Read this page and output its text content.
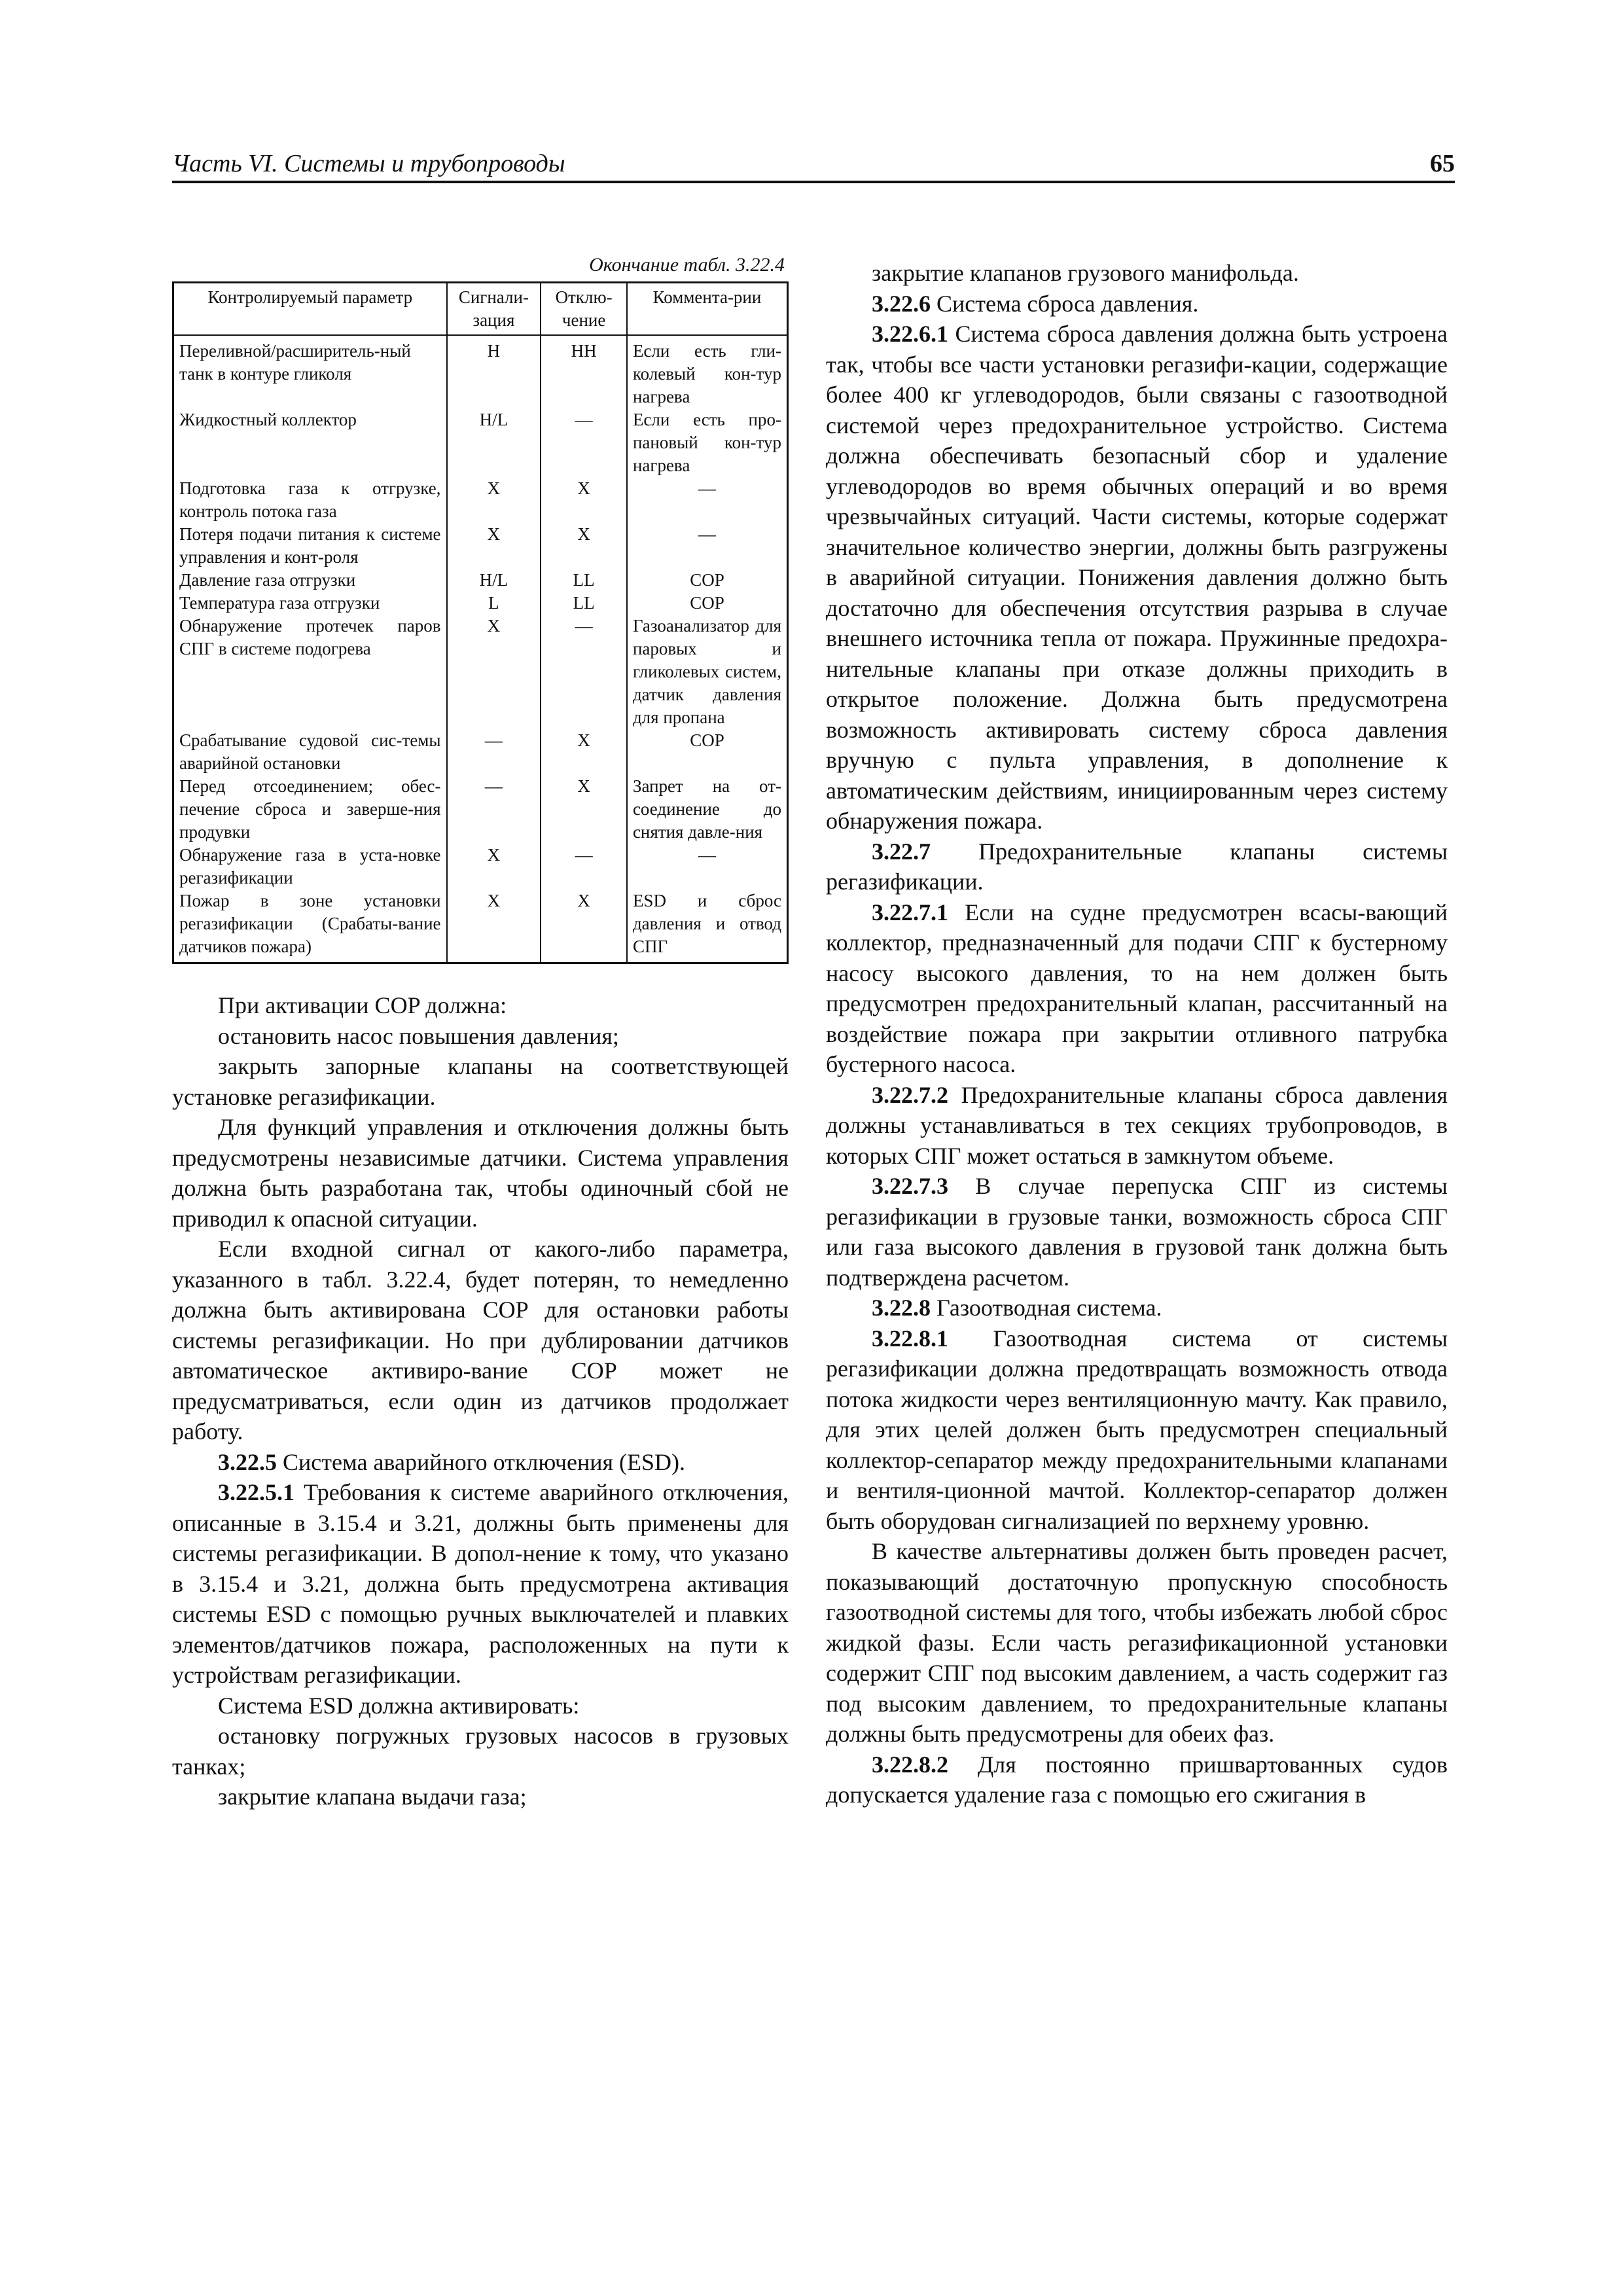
Часть VI. Системы и трубопроводы	65
Окончание табл. 3.22.4
Контролируемый параметр	Сигнали-зация	Отклю-чение	Коммента-рии
Переливной/расширитель-ный танк в контуре гликоля	H	HH	Если есть гли-колевый кон-тур нагрева
Жидкостный коллектор	H/L	—	Если есть про-пановый кон-тур нагрева
Подготовка газа к отгрузке, контроль потока газа	X	X	—
Потеря подачи питания к системе управления и конт-роля	X	X	—
Давление газа отгрузки	H/L	LL	COP
Температура газа отгрузки	L	LL	COP
Обнаружение протечек паров СПГ в системе подогрева	X	—	Газоанализатор для паровых и гликолевых систем, датчик давления для пропана
Срабатывание судовой сис-темы аварийной остановки	—	X	COP
Перед отсоединением; обес-печение сброса и заверше-ния продувки	—	X	Запрет на от-соединение до снятия давле-ния
Обнаружение газа в уста-новке регазификации	X	—	—
Пожар в зоне установки регазификации (Срабаты-вание датчиков пожара)	X	X	ESD и сброс давления и отвод СПГ

При активации COP должна:

остановить насос повышения давления;

закрыть запорные клапаны на соответствующей установке регазификации.

Для функций управления и отключения должны быть предусмотрены независимые датчики. Система управления должна быть разработана так, чтобы одиночный сбой не приводил к опасной ситуации.

Если входной сигнал от какого-либо параметра, указанного в табл. 3.22.4, будет потерян, то немедленно должна быть активирована COP для остановки работы системы регазификации. Но при дублировании датчиков автоматическое активиро-вание COP может не предусматриваться, если один из датчиков продолжает работу.

3.22.5 Система аварийного отключения (ESD).

3.22.5.1 Требования к системе аварийного отключения, описанные в 3.15.4 и 3.21, должны быть применены для системы регазификации. В допол-нение к тому, что указано в 3.15.4 и 3.21, должна быть предусмотрена активация системы ESD с помощью ручных выключателей и плавких элементов/датчиков пожара, расположенных на пути к устройствам регазификации.

Система ESD должна активировать:

остановку погружных грузовых насосов в грузовых танках;

закрытие клапана выдачи газа;

закрытие клапанов грузового манифольда.

3.22.6 Система сброса давления.

3.22.6.1 Система сброса давления должна быть устроена так, чтобы все части установки регазифи-кации, содержащие более 400 кг углеводородов, были связаны с газоотводной системой через предохранительное устройство. Система должна обеспечивать безопасный сбор и удаление углеводородов во время обычных операций и во время чрезвычайных ситуаций. Части системы, которые содержат значительное количество энергии, должны быть разгружены в аварийной ситуации. Понижения давления должно быть достаточно для обеспечения отсутствия разрыва в случае внешнего источника тепла от пожара. Пружинные предохра-нительные клапаны при отказе должны приходить в открытое положение. Должна быть предусмотрена возможность активировать систему сброса давления вручную с пульта управления, в дополнение к автоматическим действиям, инициированным через систему обнаружения пожара.

3.22.7 Предохранительные клапаны системы регазификации.

3.22.7.1 Если на судне предусмотрен всасы-вающий коллектор, предназначенный для подачи СПГ к бустерному насосу высокого давления, то на нем должен быть предусмотрен предохранительный клапан, рассчитанный на воздействие пожара при закрытии отливного патрубка бустерного насоса.

3.22.7.2 Предохранительные клапаны сброса давления должны устанавливаться в тех секциях трубопроводов, в которых СПГ может остаться в замкнутом объеме.

3.22.7.3 В случае перепуска СПГ из системы регазификации в грузовые танки, возможность сброса СПГ или газа высокого давления в грузовой танк должна быть подтверждена расчетом.

3.22.8 Газоотводная система.

3.22.8.1 Газоотводная система от системы регазификации должна предотвращать возможность отвода потока жидкости через вентиляционную мачту. Как правило, для этих целей должен быть предусмотрен специальный коллектор-сепаратор между предохранительными клапанами и вентиля-ционной мачтой. Коллектор-сепаратор должен быть оборудован сигнализацией по верхнему уровню.

В качестве альтернативы должен быть проведен расчет, показывающий достаточную пропускную способность газоотводной системы для того, чтобы избежать любой сброс жидкой фазы. Если часть регазификационной установки содержит СПГ под высоким давлением, а часть содержит газ под высоким давлением, то предохранительные клапаны должны быть предусмотрены для обеих фаз.

3.22.8.2 Для постоянно пришвартованных судов допускается удаление газа с помощью его сжигания в
